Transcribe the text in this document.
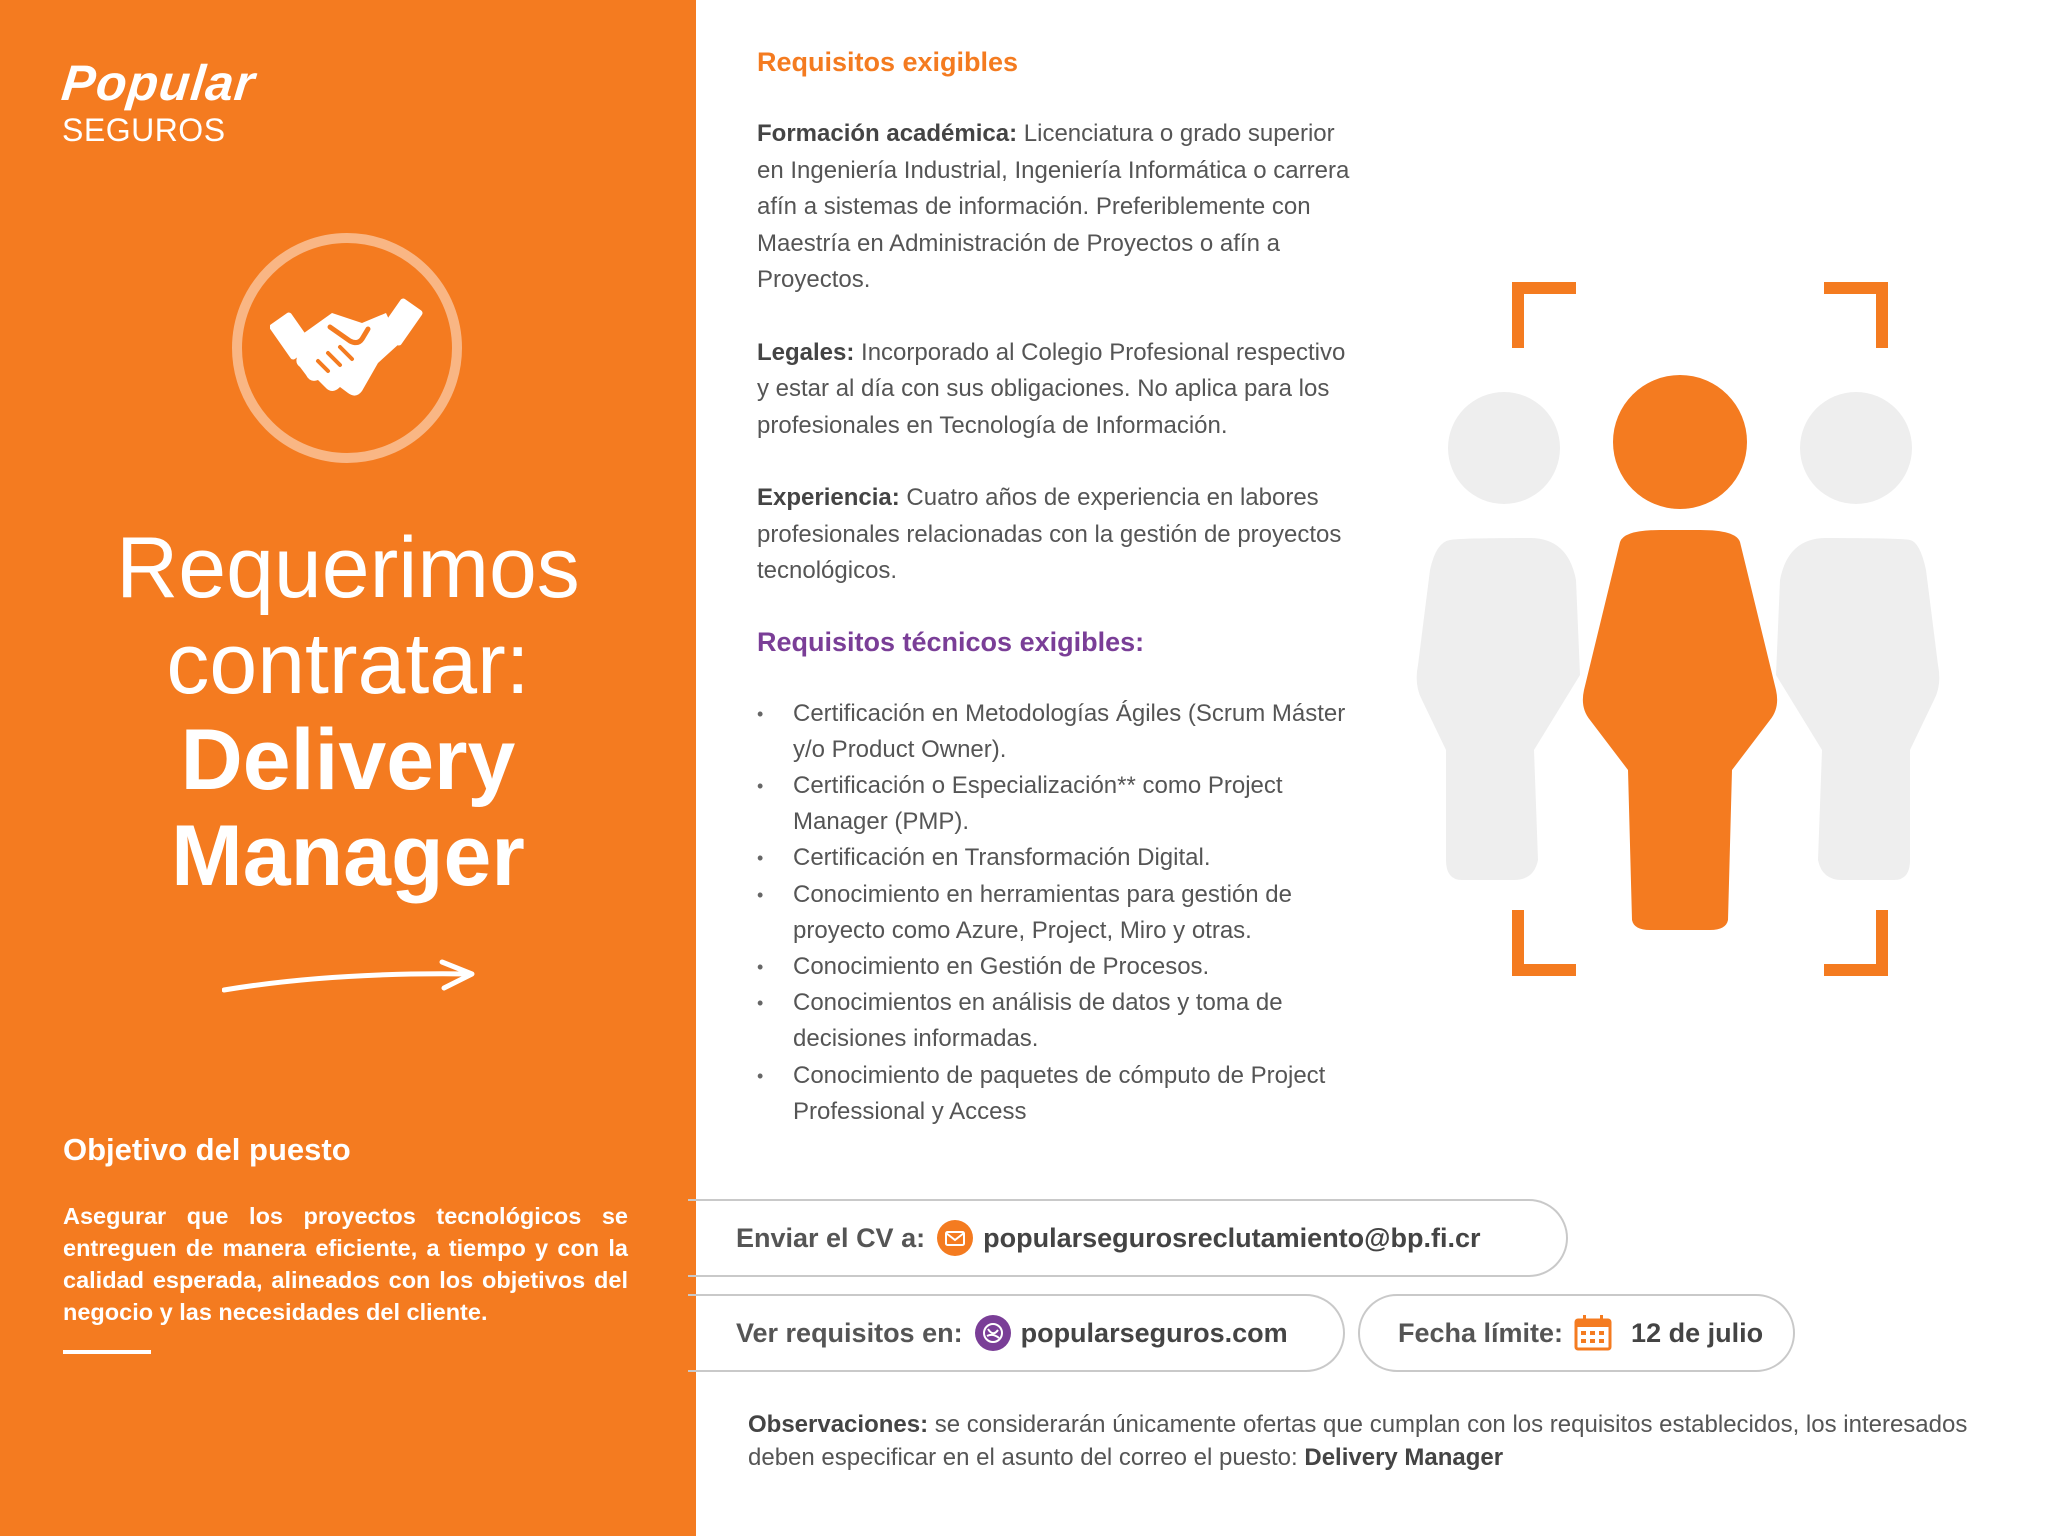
Popular
SEGUROS
Requerimos
contratar:
Delivery
Manager
Objetivo del puesto
Asegurar que los proyectos tecnológicos se entreguen de manera eficiente, a tiempo y con la calidad esperada, alineados con los objetivos del negocio y las necesidades del cliente.
Requisitos exigibles

Formación académica: Licenciatura o grado superior en Ingeniería Industrial, Ingeniería Informática o carrera afín a sistemas de información. Preferiblemente con Maestría en Administración de Proyectos o afín a Proyectos.

Legales: Incorporado al Colegio Profesional respectivo y estar al día con sus obligaciones. No aplica para los profesionales en Tecnología de Información.

Experiencia: Cuatro años de experiencia en labores profesionales relacionadas con la gestión de proyectos tecnológicos.

Requisitos técnicos exigibles:
• Certificación en Metodologías Ágiles (Scrum Máster y/o Product Owner).
• Certificación o Especialización** como Project Manager (PMP).
• Certificación en Transformación Digital.
• Conocimiento en herramientas para gestión de proyecto como Azure, Project, Miro y otras.
• Conocimiento en Gestión de Procesos.
• Conocimientos en análisis de datos y toma de decisiones informadas.
• Conocimiento de paquetes de cómputo de Project Professional y Access
Enviar el CV a: popularsegurosreclutamiento@bp.fi.cr
Ver requisitos en: popularseguros.com	Fecha límite:	12 de julio
Observaciones: se considerarán únicamente ofertas que cumplan con los requisitos establecidos, los interesados deben especificar en el asunto del correo el puesto: Delivery Manager
